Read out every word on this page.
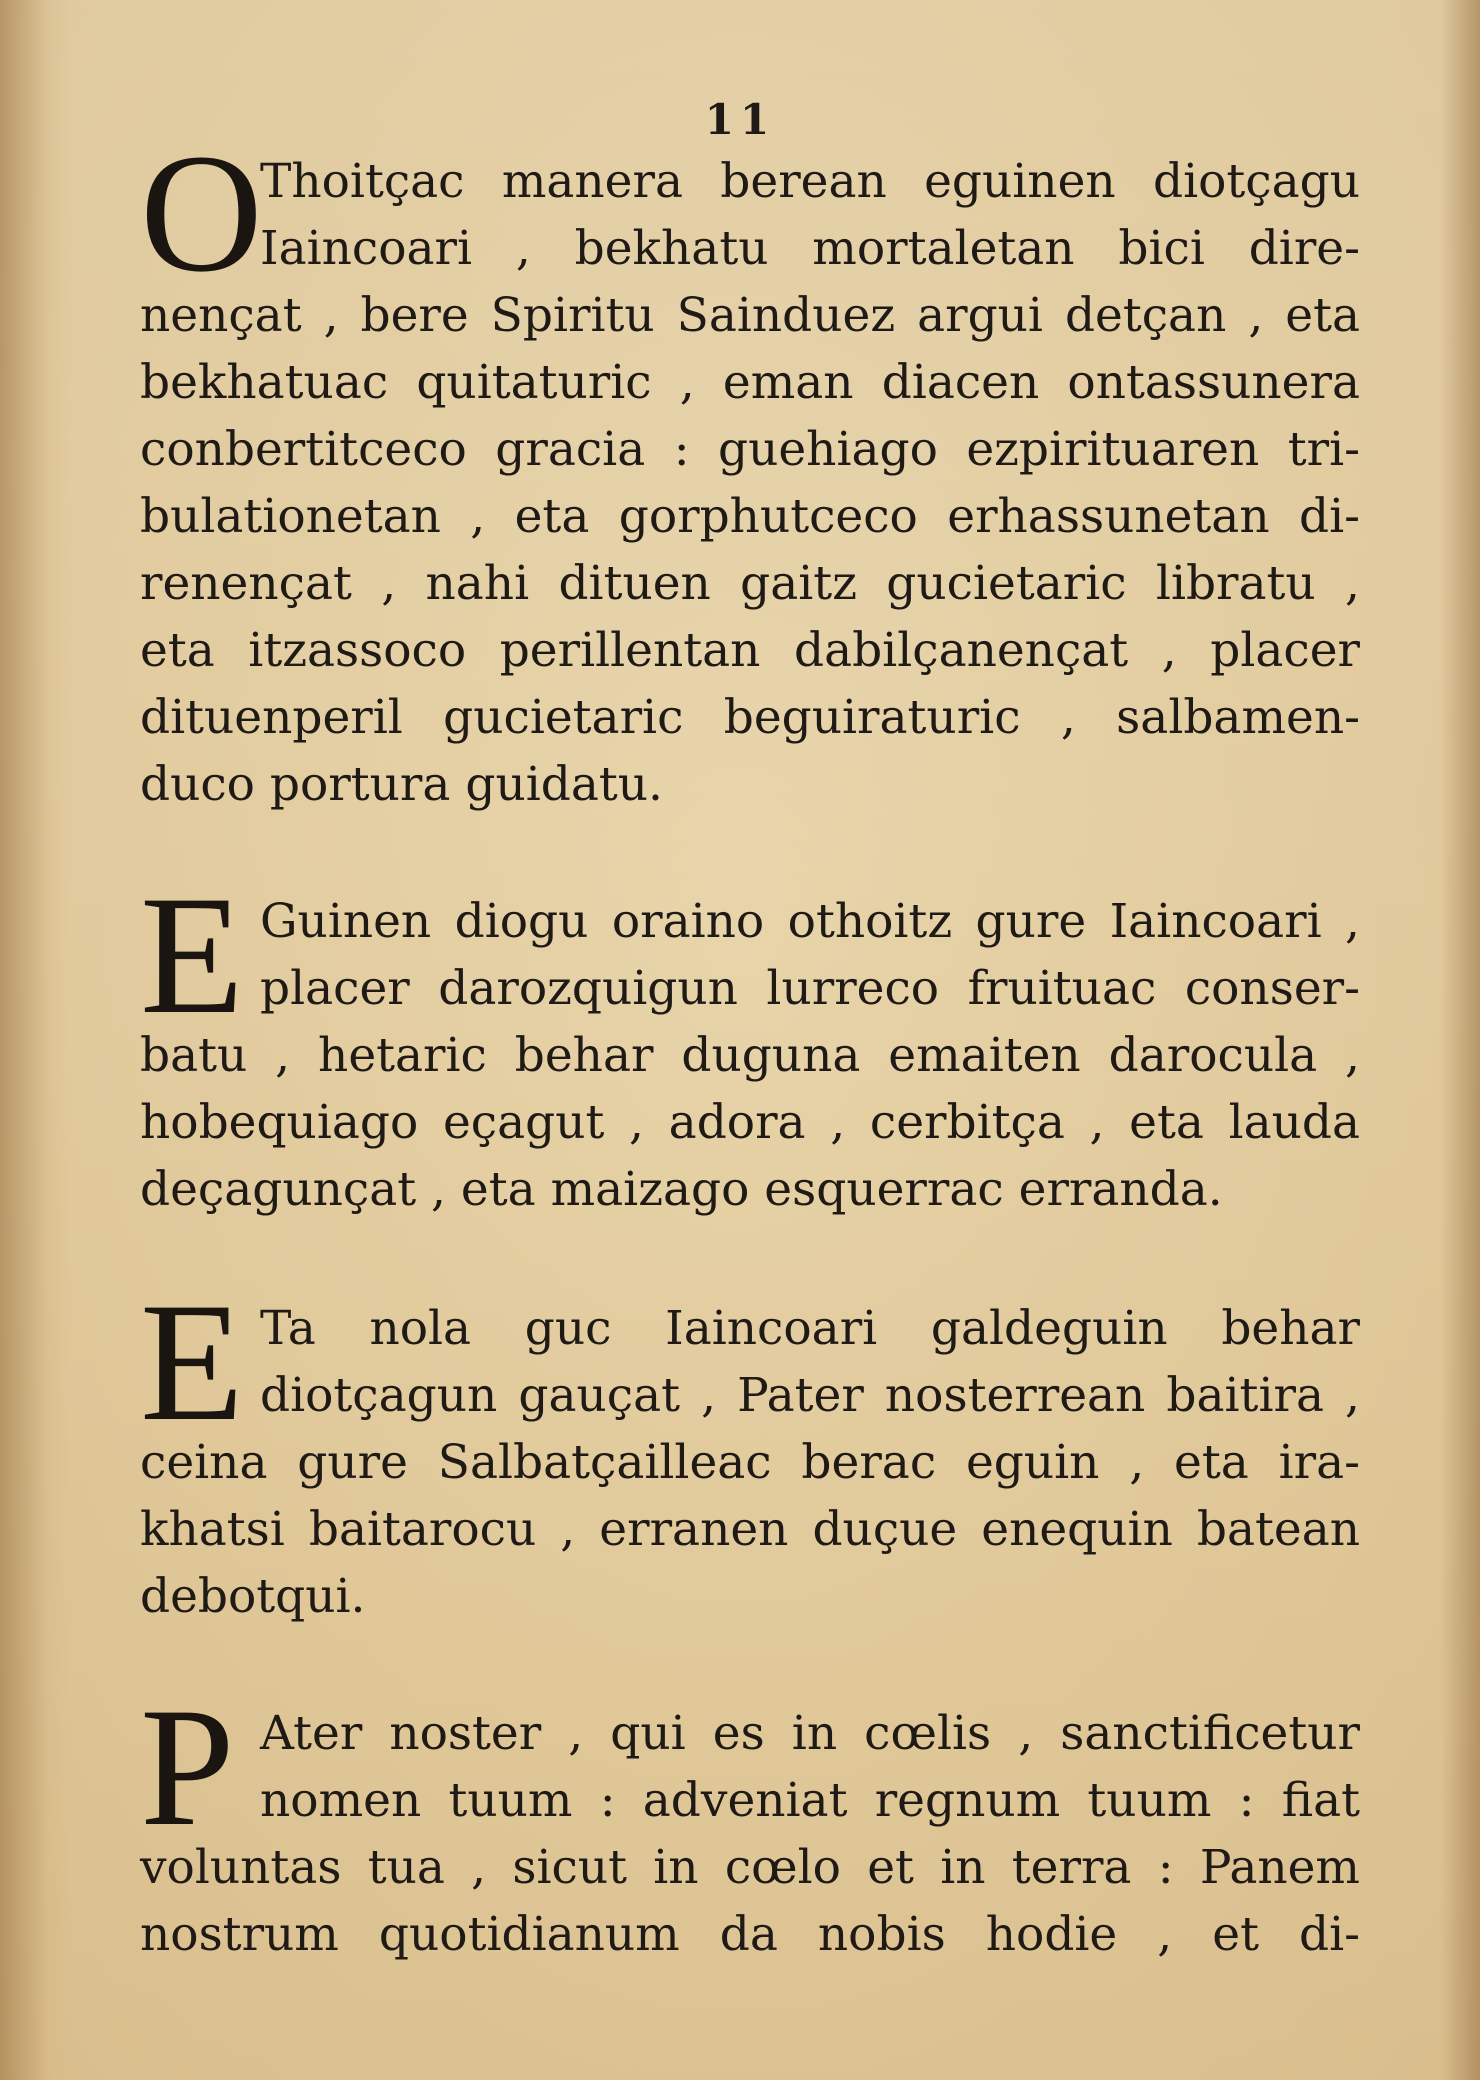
11
O
Thoitçac manera berean eguinen diotçagu
Iaincoari , bekhatu mortaletan bici dire-
nençat , bere Spiritu Sainduez argui detçan , eta
bekhatuac quitaturic , eman diacen ontassunera
conbertitceco gracia : guehiago ezpirituaren tri-
bulationetan , eta gorphutceco erhassunetan di-
renençat , nahi dituen gaitz gucietaric libratu ,
eta itzassoco perillentan dabilçanençat , placer
dituenperil gucietaric beguiraturic , salbamen-
duco portura guidatu.
E Guinen diogu oraino othoitz gure Iaincoari ,
placer darozquigun lurreco fruituac conser-
batu , hetaric behar duguna emaiten darocula ,
hobequiago eçagut , adora , cerbitça , eta lauda
deçagunçat , eta maizago esquerrac erranda.
E Ta nola guc Iaincoari galdeguin behar
diotçagun gauçat , Pater nosterrean baitira ,
ceina gure Salbatçailleac berac eguin , eta ira-
khatsi baitarocu , erranen duçue enequin batean
debotqui.
P Ater noster , qui es in cœlis , sanctificetur
nomen tuum : adveniat regnum tuum : fiat
voluntas tua , sicut in cœlo et in terra : Panem
nostrum quotidianum da nobis hodie , et di-
